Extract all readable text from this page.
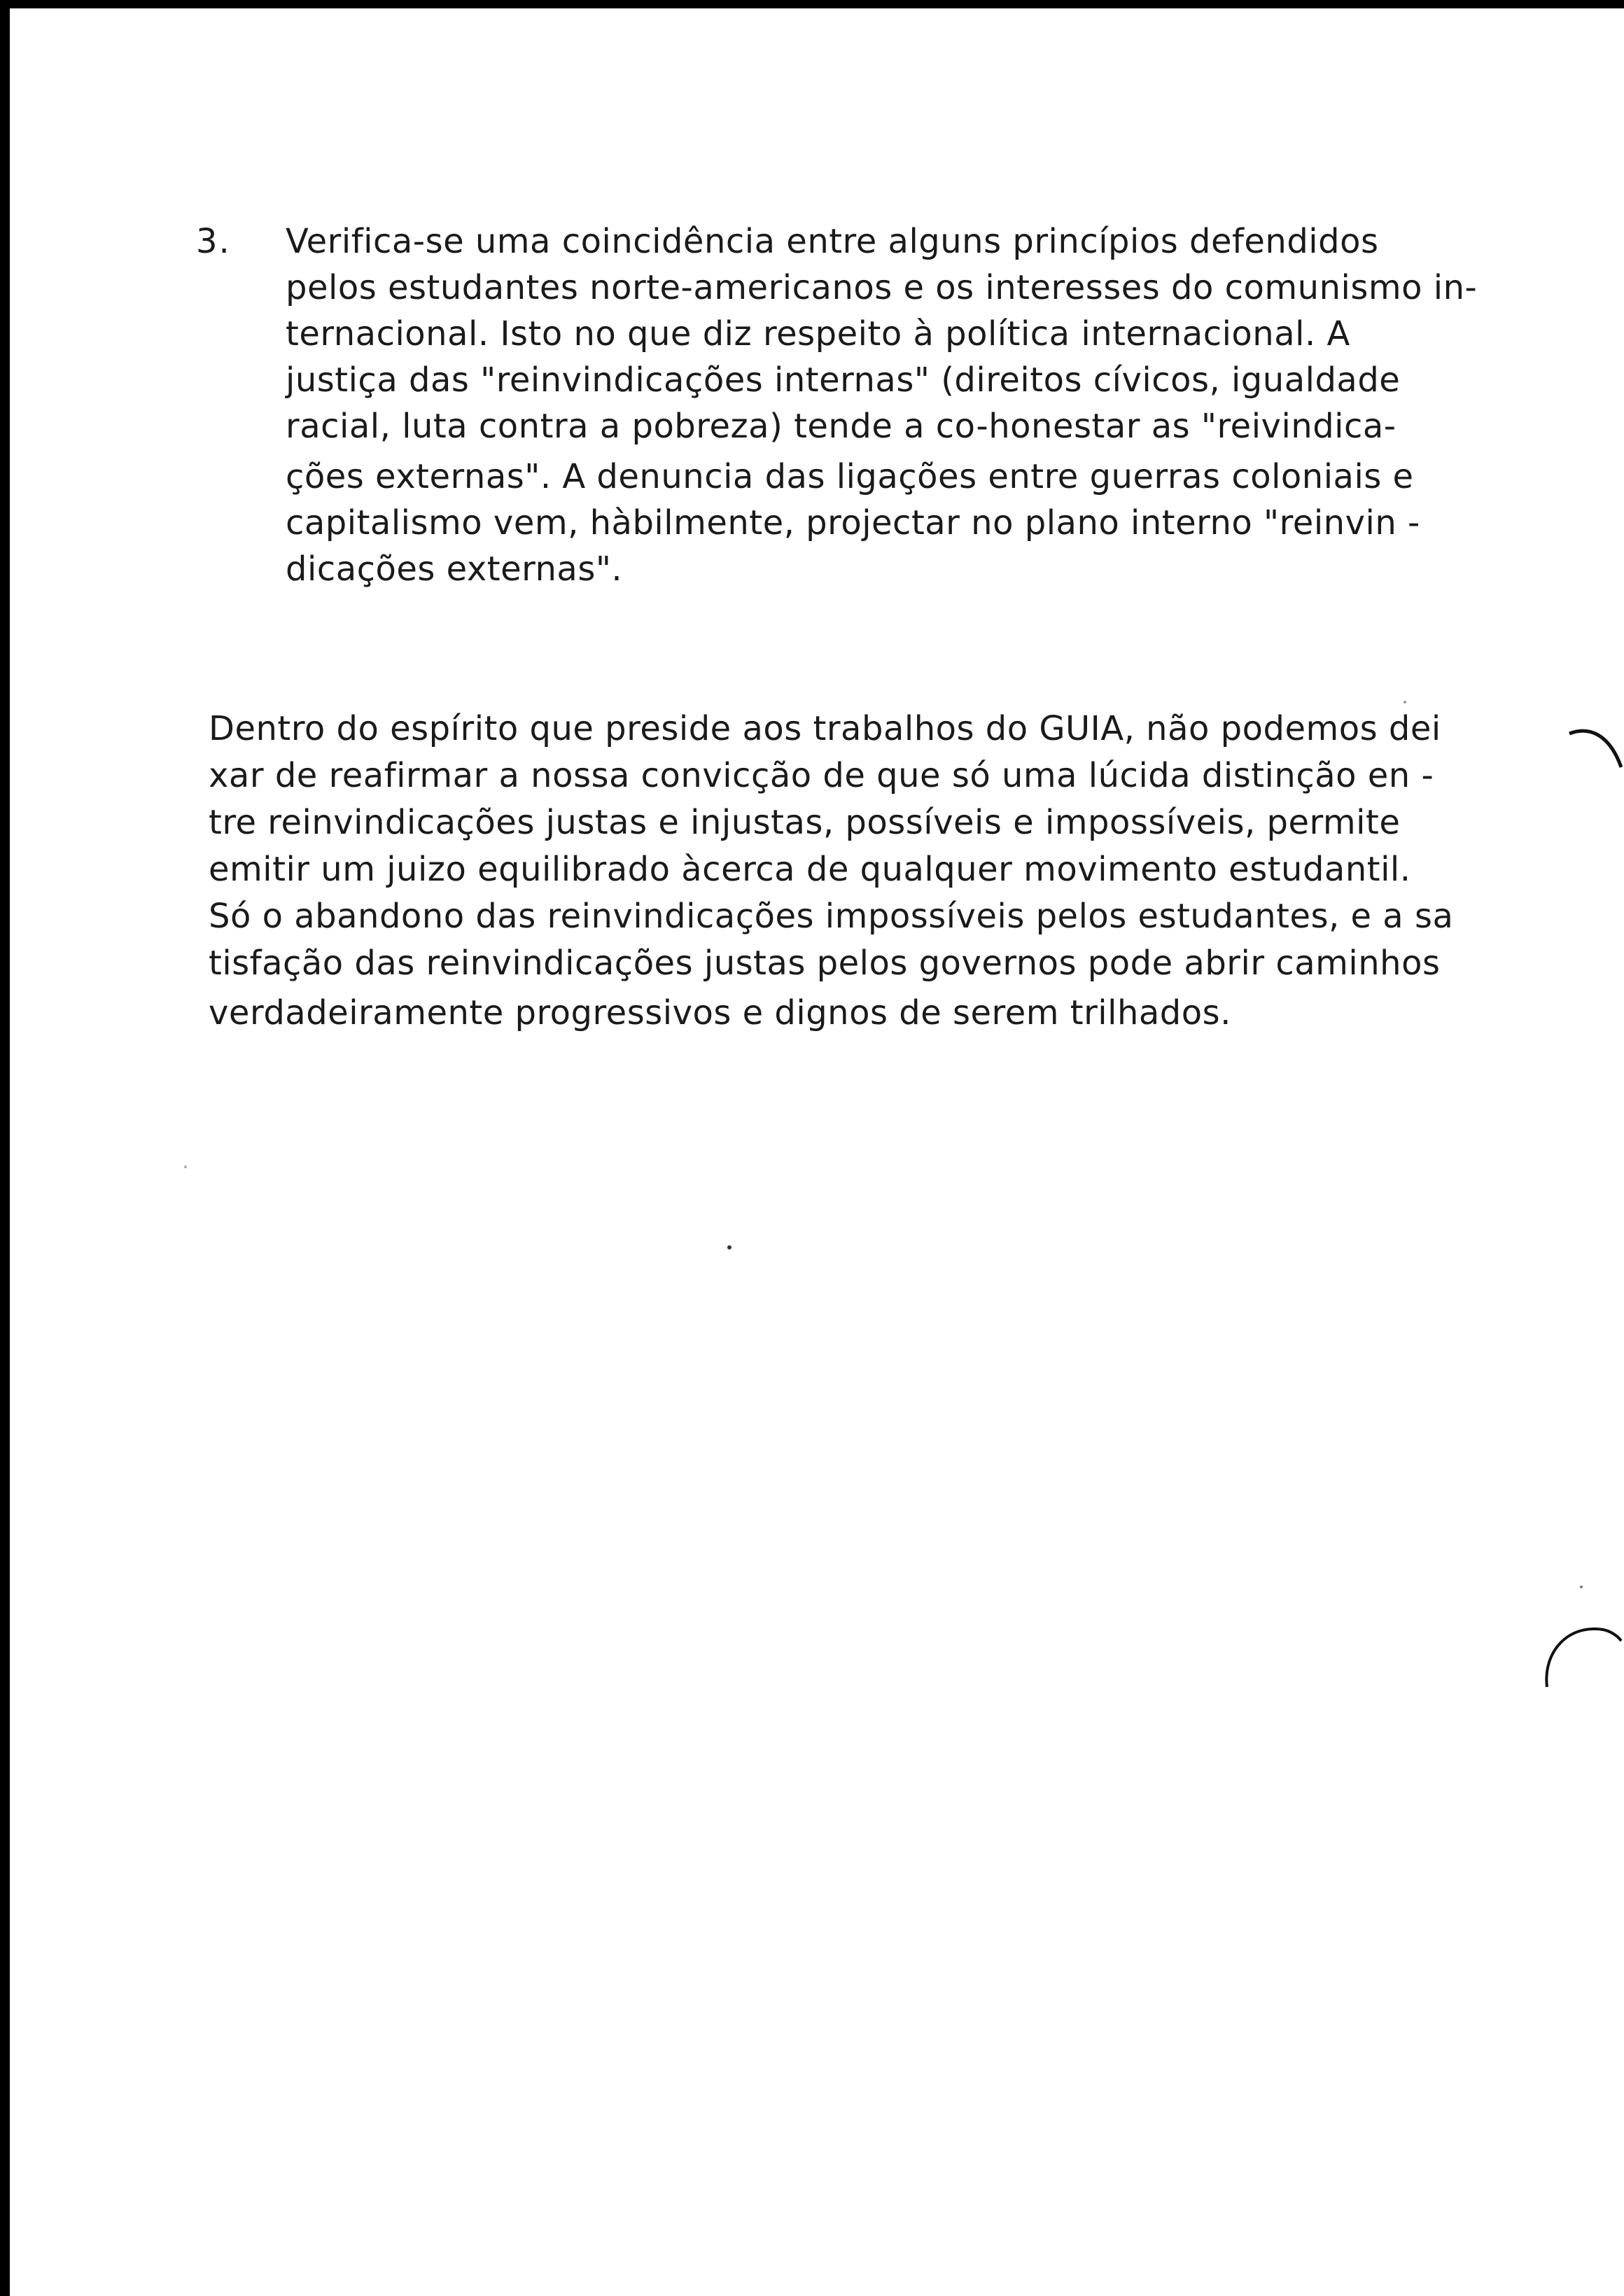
3. Verifica-se uma coincidência entre alguns princípios defendidos
pelos estudantes norte-americanos e os interesses do comunismo in-
ternacional. Isto no que diz respeito à política internacional. A
justiça das "reinvindicações internas" (direitos cívicos, igualdade
racial, luta contra a pobreza) tende a co-honestar as "reivindica-
ções externas". A denuncia das ligações entre guerras coloniais e
capitalismo vem, hàbilmente, projectar no plano interno "reinvin -
dicações externas".
Dentro do espírito que preside aos trabalhos do GUIA, não podemos dei
xar de reafirmar a nossa convicção de que só uma lúcida distinção en -
tre reinvindicações justas e injustas, possíveis e impossíveis, permite
emitir um juizo equilibrado àcerca de qualquer movimento estudantil.
Só o abandono das reinvindicações impossíveis pelos estudantes, e a sa
tisfação das reinvindicações justas pelos governos pode abrir caminhos
verdadeiramente progressivos e dignos de serem trilhados.
